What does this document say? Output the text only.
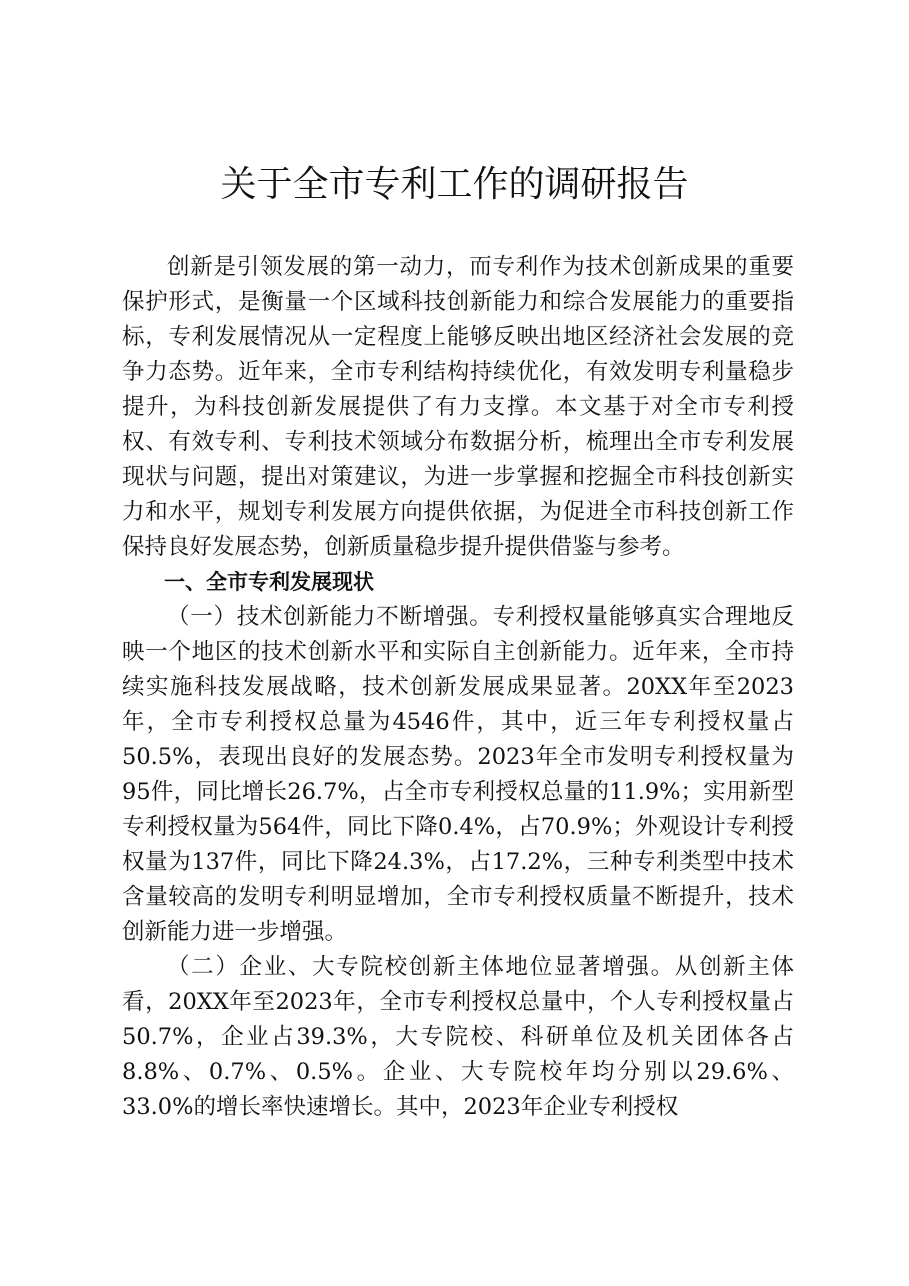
关于全市专利工作的调研报告

创新是引领发展的第一动力，而专利作为技术创新成果的重要保护形式，是衡量一个区域科技创新能力和综合发展能力的重要指标，专利发展情况从一定程度上能够反映出地区经济社会发展的竞争力态势。近年来，全市专利结构持续优化，有效发明专利量稳步提升，为科技创新发展提供了有力支撑。本文基于对全市专利授权、有效专利、专利技术领域分布数据分析，梳理出全市专利发展现状与问题，提出对策建议，为进一步掌握和挖掘全市科技创新实力和水平，规划专利发展方向提供依据，为促进全市科技创新工作保持良好发展态势，创新质量稳步提升提供借鉴与参考。

一、全市专利发展现状

（一）技术创新能力不断增强。专利授权量能够真实合理地反映一个地区的技术创新水平和实际自主创新能力。近年来，全市持续实施科技发展战略，技术创新发展成果显著。20XX年至2023年，全市专利授权总量为4546件，其中，近三年专利授权量占50.5%，表现出良好的发展态势。2023年全市发明专利授权量为95件，同比增长26.7%，占全市专利授权总量的11.9%；实用新型专利授权量为564件，同比下降0.4%，占70.9%；外观设计专利授权量为137件，同比下降24.3%，占17.2%，三种专利类型中技术含量较高的发明专利明显增加，全市专利授权质量不断提升，技术创新能力进一步增强。

（二）企业、大专院校创新主体地位显著增强。从创新主体看，20XX年至2023年，全市专利授权总量中，个人专利授权量占50.7%，企业占39.3%，大专院校、科研单位及机关团体各占8.8%、0.7%、0.5%。企业、大专院校年均分别以29.6%、33.0%的增长率快速增长。其中，2023年企业专利授权
